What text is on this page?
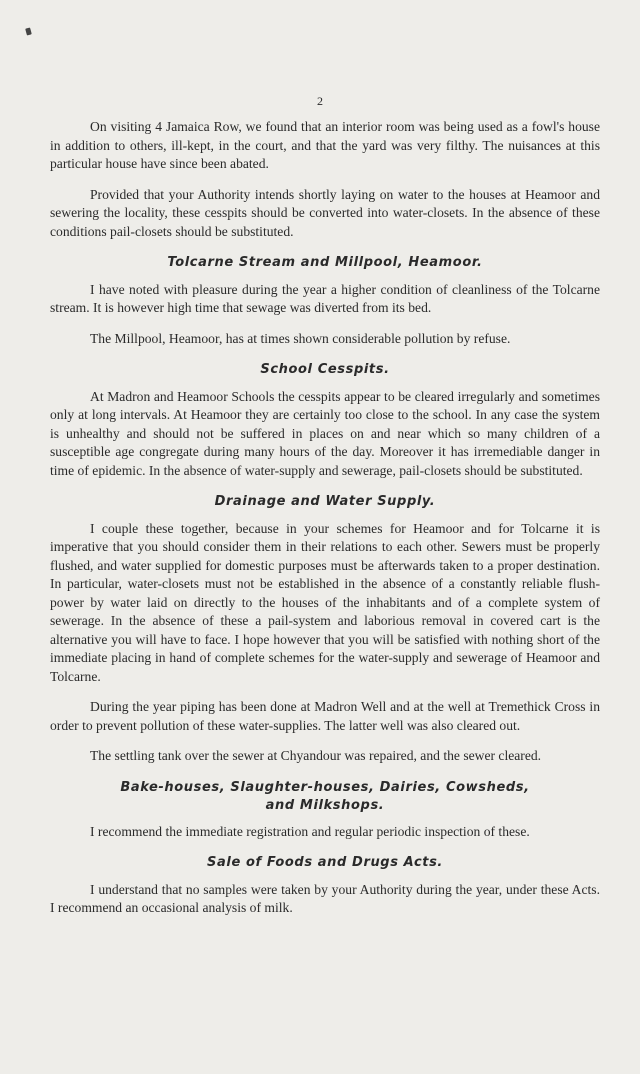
2

On visiting 4 Jamaica Row, we found that an interior room was being used as a fowl's house in addition to others, ill-kept, in the court, and that the yard was very filthy. The nuisances at this particular house have since been abated.

Provided that your Authority intends shortly laying on water to the houses at Heamoor and sewering the locality, these cesspits should be converted into water-closets. In the absence of these conditions pail-closets should be substituted.

Tolcarne Stream and Millpool, Heamoor.

I have noted with pleasure during the year a higher condition of cleanliness of the Tolcarne stream. It is however high time that sewage was diverted from its bed.

The Millpool, Heamoor, has at times shown considerable pollution by refuse.

School Cesspits.

At Madron and Heamoor Schools the cesspits appear to be cleared irregularly and sometimes only at long intervals. At Heamoor they are certainly too close to the school. In any case the system is unhealthy and should not be suffered in places on and near which so many children of a susceptible age congregate during many hours of the day. Moreover it has irremediable danger in time of epidemic. In the absence of water-supply and sewerage, pail-closets should be substituted.

Drainage and Water Supply.

I couple these together, because in your schemes for Heamoor and for Tolcarne it is imperative that you should consider them in their relations to each other. Sewers must be properly flushed, and water supplied for domestic purposes must be afterwards taken to a proper destination. In particular, water-closets must not be established in the absence of a constantly reliable flush-power by water laid on directly to the houses of the inhabitants and of a complete system of sewerage. In the absence of these a pail-system and laborious removal in covered cart is the alternative you will have to face. I hope however that you will be satisfied with nothing short of the immediate placing in hand of complete schemes for the water-supply and sewerage of Heamoor and Tolcarne.

During the year piping has been done at Madron Well and at the well at Tremethick Cross in order to prevent pollution of these water-supplies. The latter well was also cleared out.

The settling tank over the sewer at Chyandour was repaired, and the sewer cleared.

Bake-houses, Slaughter-houses, Dairies, Cowsheds,
and Milkshops.

I recommend the immediate registration and regular periodic inspection of these.

Sale of Foods and Drugs Acts.

I understand that no samples were taken by your Authority during the year, under these Acts. I recommend an occasional analysis of milk.
